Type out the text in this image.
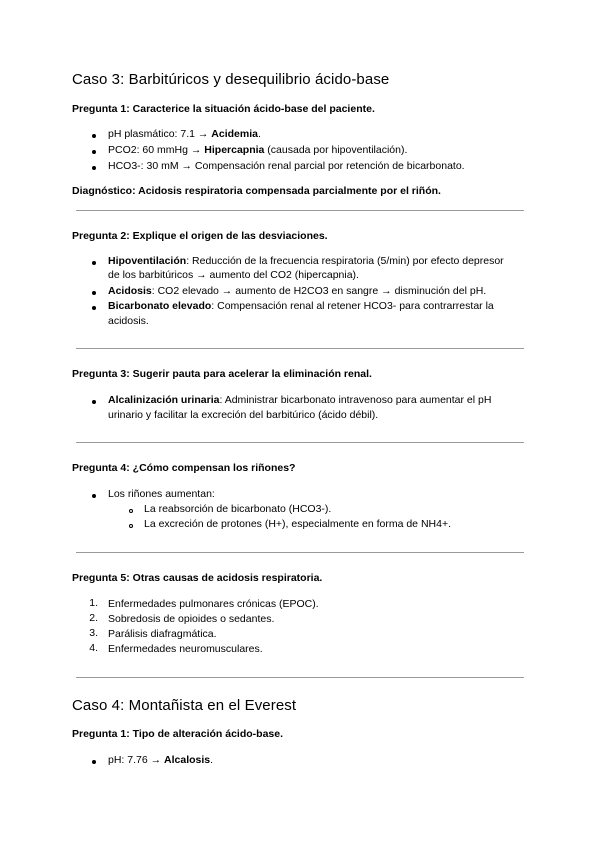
Caso 3: Barbitúricos y desequilibrio ácido-base

Pregunta 1: Caracterice la situación ácido-base del paciente.

pH plasmático: 7.1 → Acidemia.

PCO2: 60 mmHg → Hipercapnia (causada por hipoventilación).

HCO3-: 30 mM → Compensación renal parcial por retención de bicarbonato.

Diagnóstico: Acidosis respiratoria compensada parcialmente por el riñón.

Pregunta 2: Explique el origen de las desviaciones.

Hipoventilación: Reducción de la frecuencia respiratoria (5/min) por efecto depresor

de los barbitúricos → aumento del CO2 (hipercapnia).

Acidosis: CO2 elevado → aumento de H2CO3 en sangre → disminución del pH.

Bicarbonato elevado: Compensación renal al retener HCO3- para contrarrestar la

acidosis.

Pregunta 3: Sugerir pauta para acelerar la eliminación renal.

Alcalinización urinaria: Administrar bicarbonato intravenoso para aumentar el pH

urinario y facilitar la excreción del barbitúrico (ácido débil).

Pregunta 4: ¿Cómo compensan los riñones?

Los riñones aumentan:

La reabsorción de bicarbonato (HCO3-).

La excreción de protones (H+), especialmente en forma de NH4+.

Pregunta 5: Otras causas de acidosis respiratoria.

1. Enfermedades pulmonares crónicas (EPOC).

2. Sobredosis de opioides o sedantes.

3. Parálisis diafragmática.

4. Enfermedades neuromusculares.

Caso 4: Montañista en el Everest

Pregunta 1: Tipo de alteración ácido-base.

pH: 7.76 → Alcalosis.
